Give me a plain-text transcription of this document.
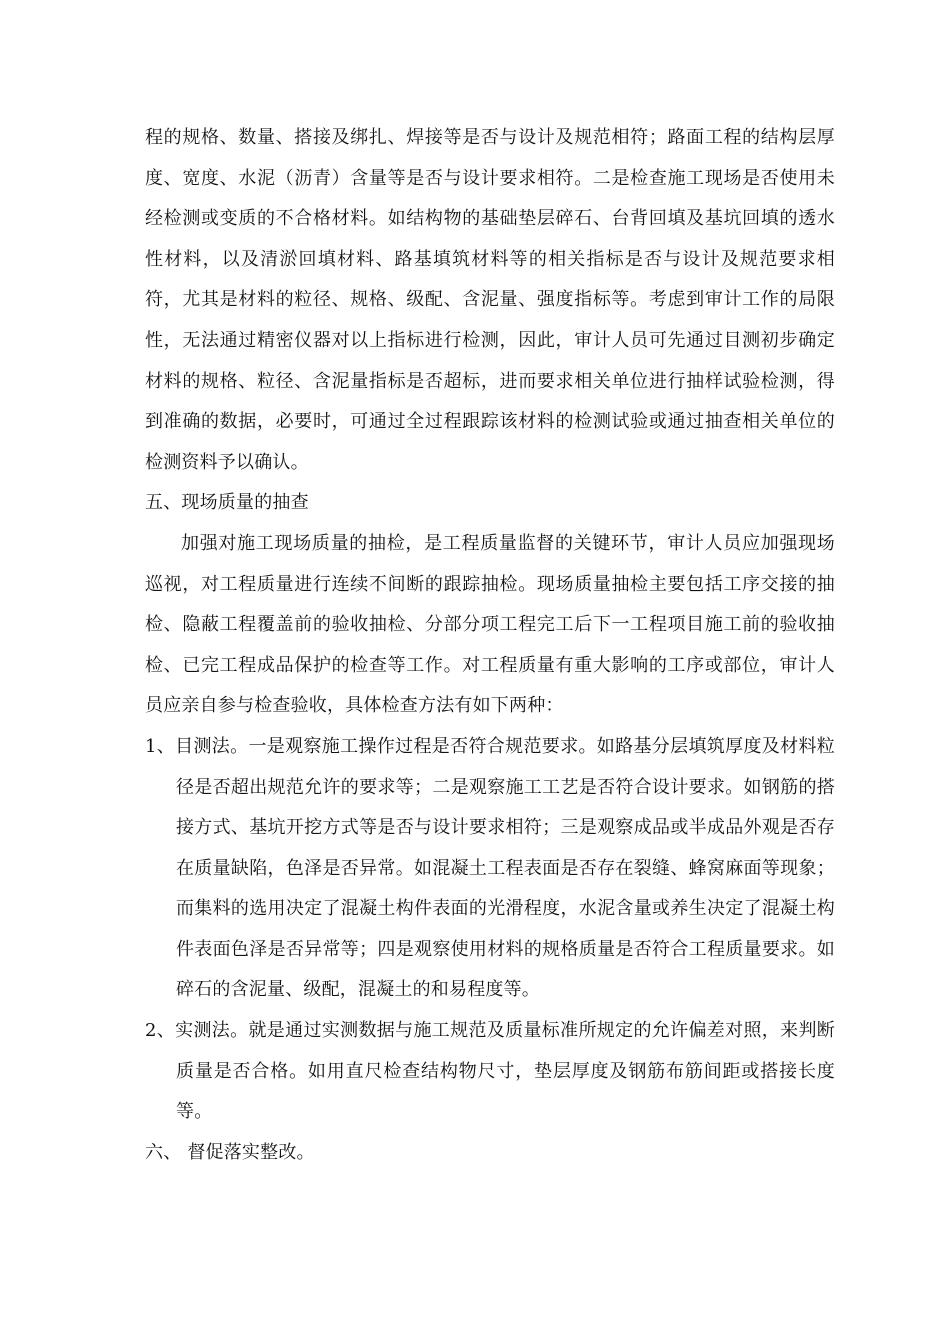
程的规格、数量、搭接及绑扎、焊接等是否与设计及规范相符；路面工程的结构层厚度、宽度、水泥（沥青）含量等是否与设计要求相符。二是检查施工现场是否使用未经检测或变质的不合格材料。如结构物的基础垫层碎石、台背回填及基坑回填的透水性材料，以及清淤回填材料、路基填筑材料等的相关指标是否与设计及规范要求相符，尤其是材料的粒径、规格、级配、含泥量、强度指标等。考虑到审计工作的局限性，无法通过精密仪器对以上指标进行检测，因此，审计人员可先通过目测初步确定材料的规格、粒径、含泥量指标是否超标，进而要求相关单位进行抽样试验检测，得到准确的数据，必要时，可通过全过程跟踪该材料的检测试验或通过抽查相关单位的检测资料予以确认。

五、现场质量的抽查

加强对施工现场质量的抽检，是工程质量监督的关键环节，审计人员应加强现场巡视，对工程质量进行连续不间断的跟踪抽检。现场质量抽检主要包括工序交接的抽检、隐蔽工程覆盖前的验收抽检、分部分项工程完工后下一工程项目施工前的验收抽检、已完工程成品保护的检查等工作。对工程质量有重大影响的工序或部位，审计人员应亲自参与检查验收，具体检查方法有如下两种：

1、目测法。一是观察施工操作过程是否符合规范要求。如路基分层填筑厚度及材料粒径是否超出规范允许的要求等；二是观察施工工艺是否符合设计要求。如钢筋的搭接方式、基坑开挖方式等是否与设计要求相符；三是观察成品或半成品外观是否存在质量缺陷，色泽是否异常。如混凝土工程表面是否存在裂缝、蜂窝麻面等现象；而集料的选用决定了混凝土构件表面的光滑程度，水泥含量或养生决定了混凝土构件表面色泽是否异常等；四是观察使用材料的规格质量是否符合工程质量要求。如碎石的含泥量、级配，混凝土的和易程度等。

2、实测法。就是通过实测数据与施工规范及质量标准所规定的允许偏差对照，来判断质量是否合格。如用直尺检查结构物尺寸，垫层厚度及钢筋布筋间距或搭接长度等。

六、 督促落实整改。
